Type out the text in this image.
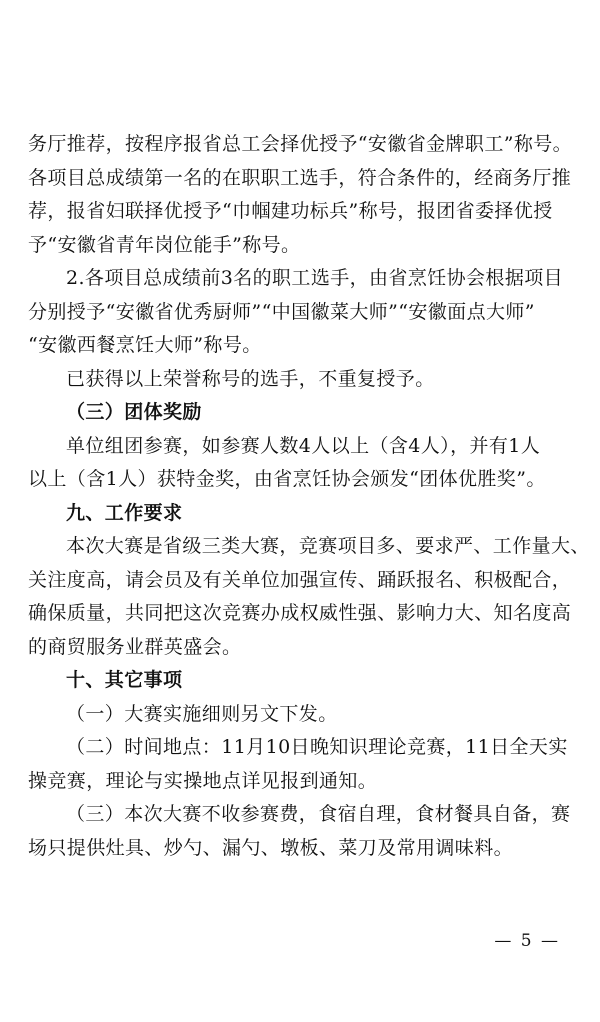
务厅推荐，按程序报省总工会择优授予“安徽省金牌职工”称号。
各项目总成绩第一名的在职职工选手，符合条件的，经商务厅推
荐，报省妇联择优授予“巾帼建功标兵”称号，报团省委择优授
予“安徽省青年岗位能手”称号。
2.各项目总成绩前3名的职工选手，由省烹饪协会根据项目
分别授予“安徽省优秀厨师”“中国徽菜大师”“安徽面点大师”
“安徽西餐烹饪大师”称号。
已获得以上荣誉称号的选手，不重复授予。
（三）团体奖励
单位组团参赛，如参赛人数4人以上（含4人），并有1人
以上（含1人）获特金奖，由省烹饪协会颁发“团体优胜奖”。
九、工作要求
本次大赛是省级三类大赛，竞赛项目多、要求严、工作量大、
关注度高，请会员及有关单位加强宣传、踊跃报名、积极配合，
确保质量，共同把这次竞赛办成权威性强、影响力大、知名度高
的商贸服务业群英盛会。
十、其它事项
（一）大赛实施细则另文下发。
（二）时间地点：11月10日晚知识理论竞赛，11日全天实
操竞赛，理论与实操地点详见报到通知。
（三）本次大赛不收参赛费，食宿自理，食材餐具自备，赛
场只提供灶具、炒勺、漏勺、墩板、菜刀及常用调味料。
— 5 —
